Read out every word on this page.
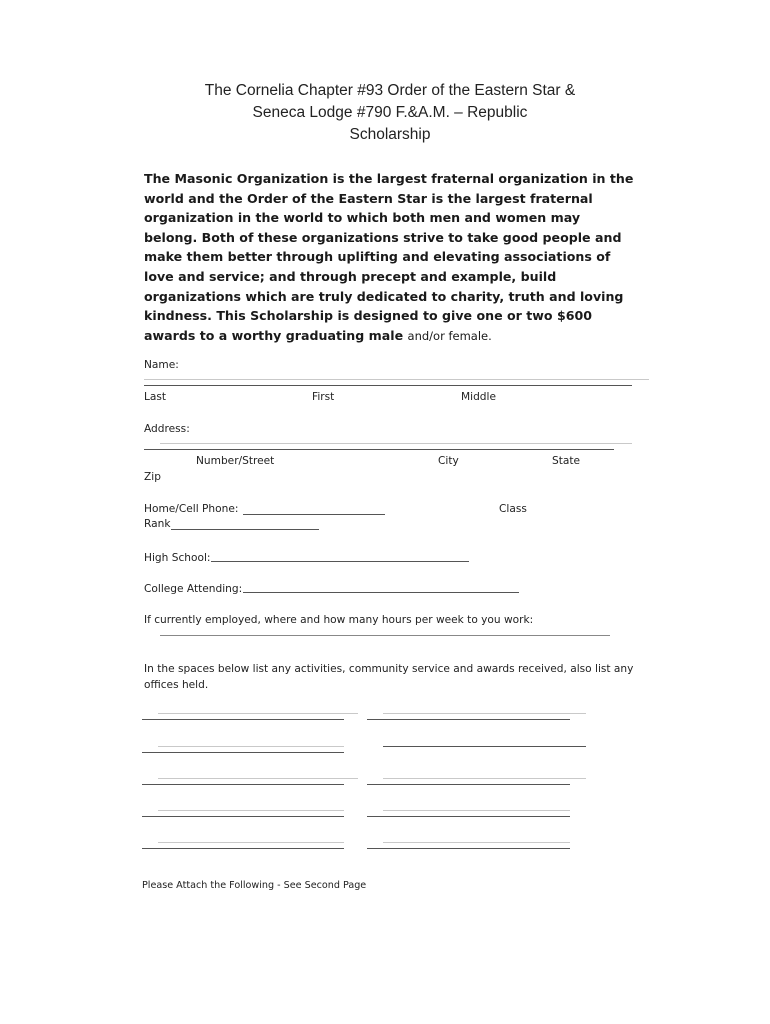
The Cornelia Chapter #93 Order of the Eastern Star &
Seneca Lodge #790 F.&A.M. – Republic
Scholarship
The Masonic Organization is the largest fraternal organization in the world and the Order of the Eastern Star is the largest fraternal organization in the world to which both men and women may belong. Both of these organizations strive to take good people and make them better through uplifting and elevating associations of love and service; and through precept and example, build organizations which are truly dedicated to charity, truth and loving kindness. This Scholarship is designed to give one or two $600 awards to a worthy graduating male and/or female.
Name:
Last	First	Middle
Address:
Number/Street	City	State
Zip
Home/Cell Phone:	Class
Rank
High School:
College Attending:
If currently employed, where and how many hours per week to you work:
In the spaces below list any activities, community service and awards received, also list any offices held.
Please Attach the Following - See Second Page
